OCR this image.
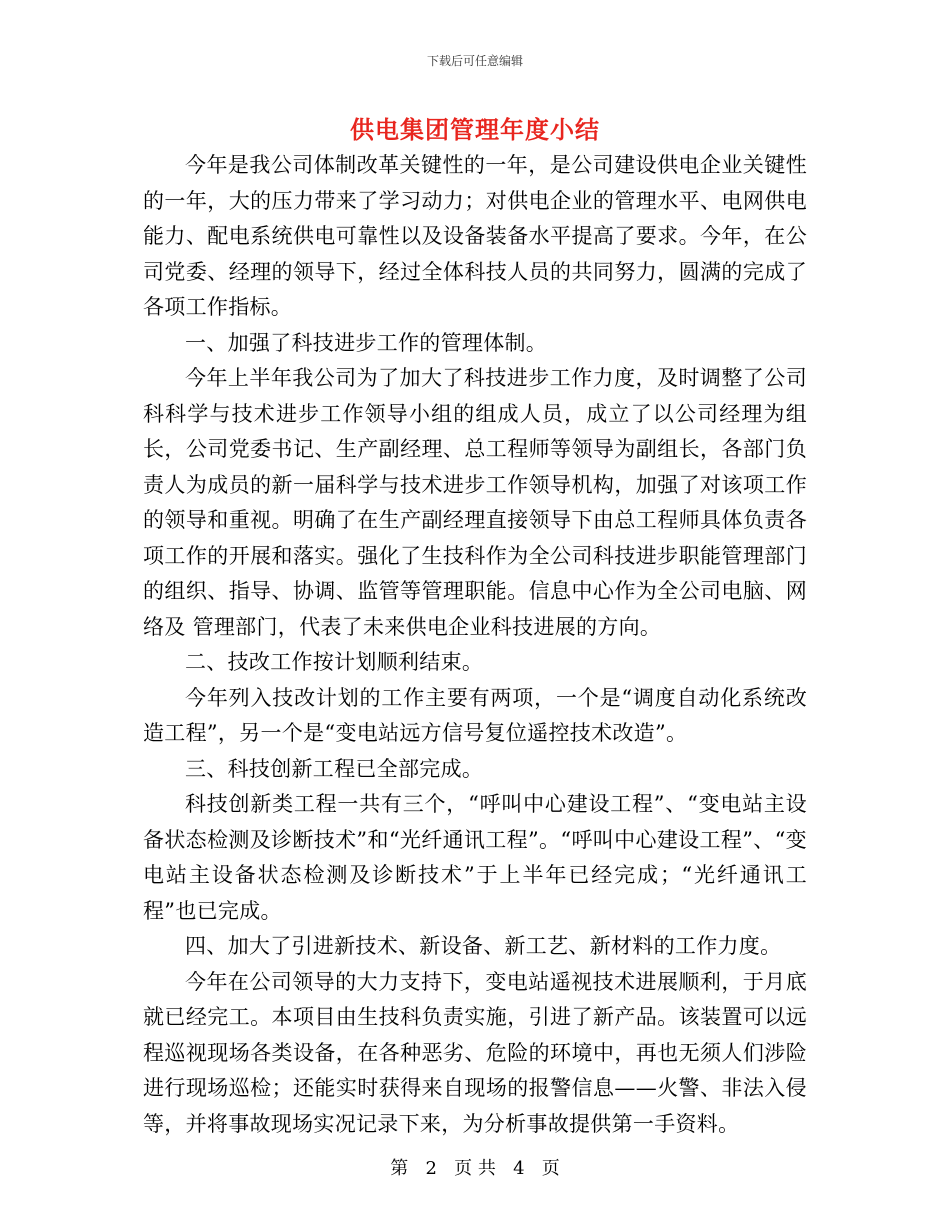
下载后可任意编辑
供电集团管理年度小结

今年是我公司体制改革关键性的一年，是公司建设供电企业关键性的一年，大的压力带来了学习动力；对供电企业的管理水平、电网供电能力、配电系统供电可靠性以及设备装备水平提高了要求。今年，在公司党委、经理的领导下，经过全体科技人员的共同努力，圆满的完成了各项工作指标。

一、加强了科技进步工作的管理体制。

今年上半年我公司为了加大了科技进步工作力度，及时调整了公司科科学与技术进步工作领导小组的组成人员，成立了以公司经理为组长，公司党委书记、生产副经理、总工程师等领导为副组长，各部门负责人为成员的新一届科学与技术进步工作领导机构，加强了对该项工作的领导和重视。明确了在生产副经理直接领导下由总工程师具体负责各项工作的开展和落实。强化了生技科作为全公司科技进步职能管理部门的组织、指导、协调、监管等管理职能。信息中心作为全公司电脑、网络及 管理部门，代表了未来供电企业科技进展的方向。

二、技改工作按计划顺利结束。

今年列入技改计划的工作主要有两项，一个是“调度自动化系统改造工程”，另一个是“变电站远方信号复位遥控技术改造”。

三、科技创新工程已全部完成。

科技创新类工程一共有三个，“呼叫中心建设工程”、“变电站主设备状态检测及诊断技术”和“光纤通讯工程”。“呼叫中心建设工程”、“变电站主设备状态检测及诊断技术”于上半年已经完成；“光纤通讯工程”也已完成。

四、加大了引进新技术、新设备、新工艺、新材料的工作力度。

今年在公司领导的大力支持下，变电站遥视技术进展顺利，于月底就已经完工。本项目由生技科负责实施，引进了新产品。该装置可以远程巡视现场各类设备，在各种恶劣、危险的环境中，再也无须人们涉险进行现场巡检；还能实时获得来自现场的报警信息——火警、非法入侵等，并将事故现场实况记录下来，为分析事故提供第一手资料。

第 2 页 共 4 页
